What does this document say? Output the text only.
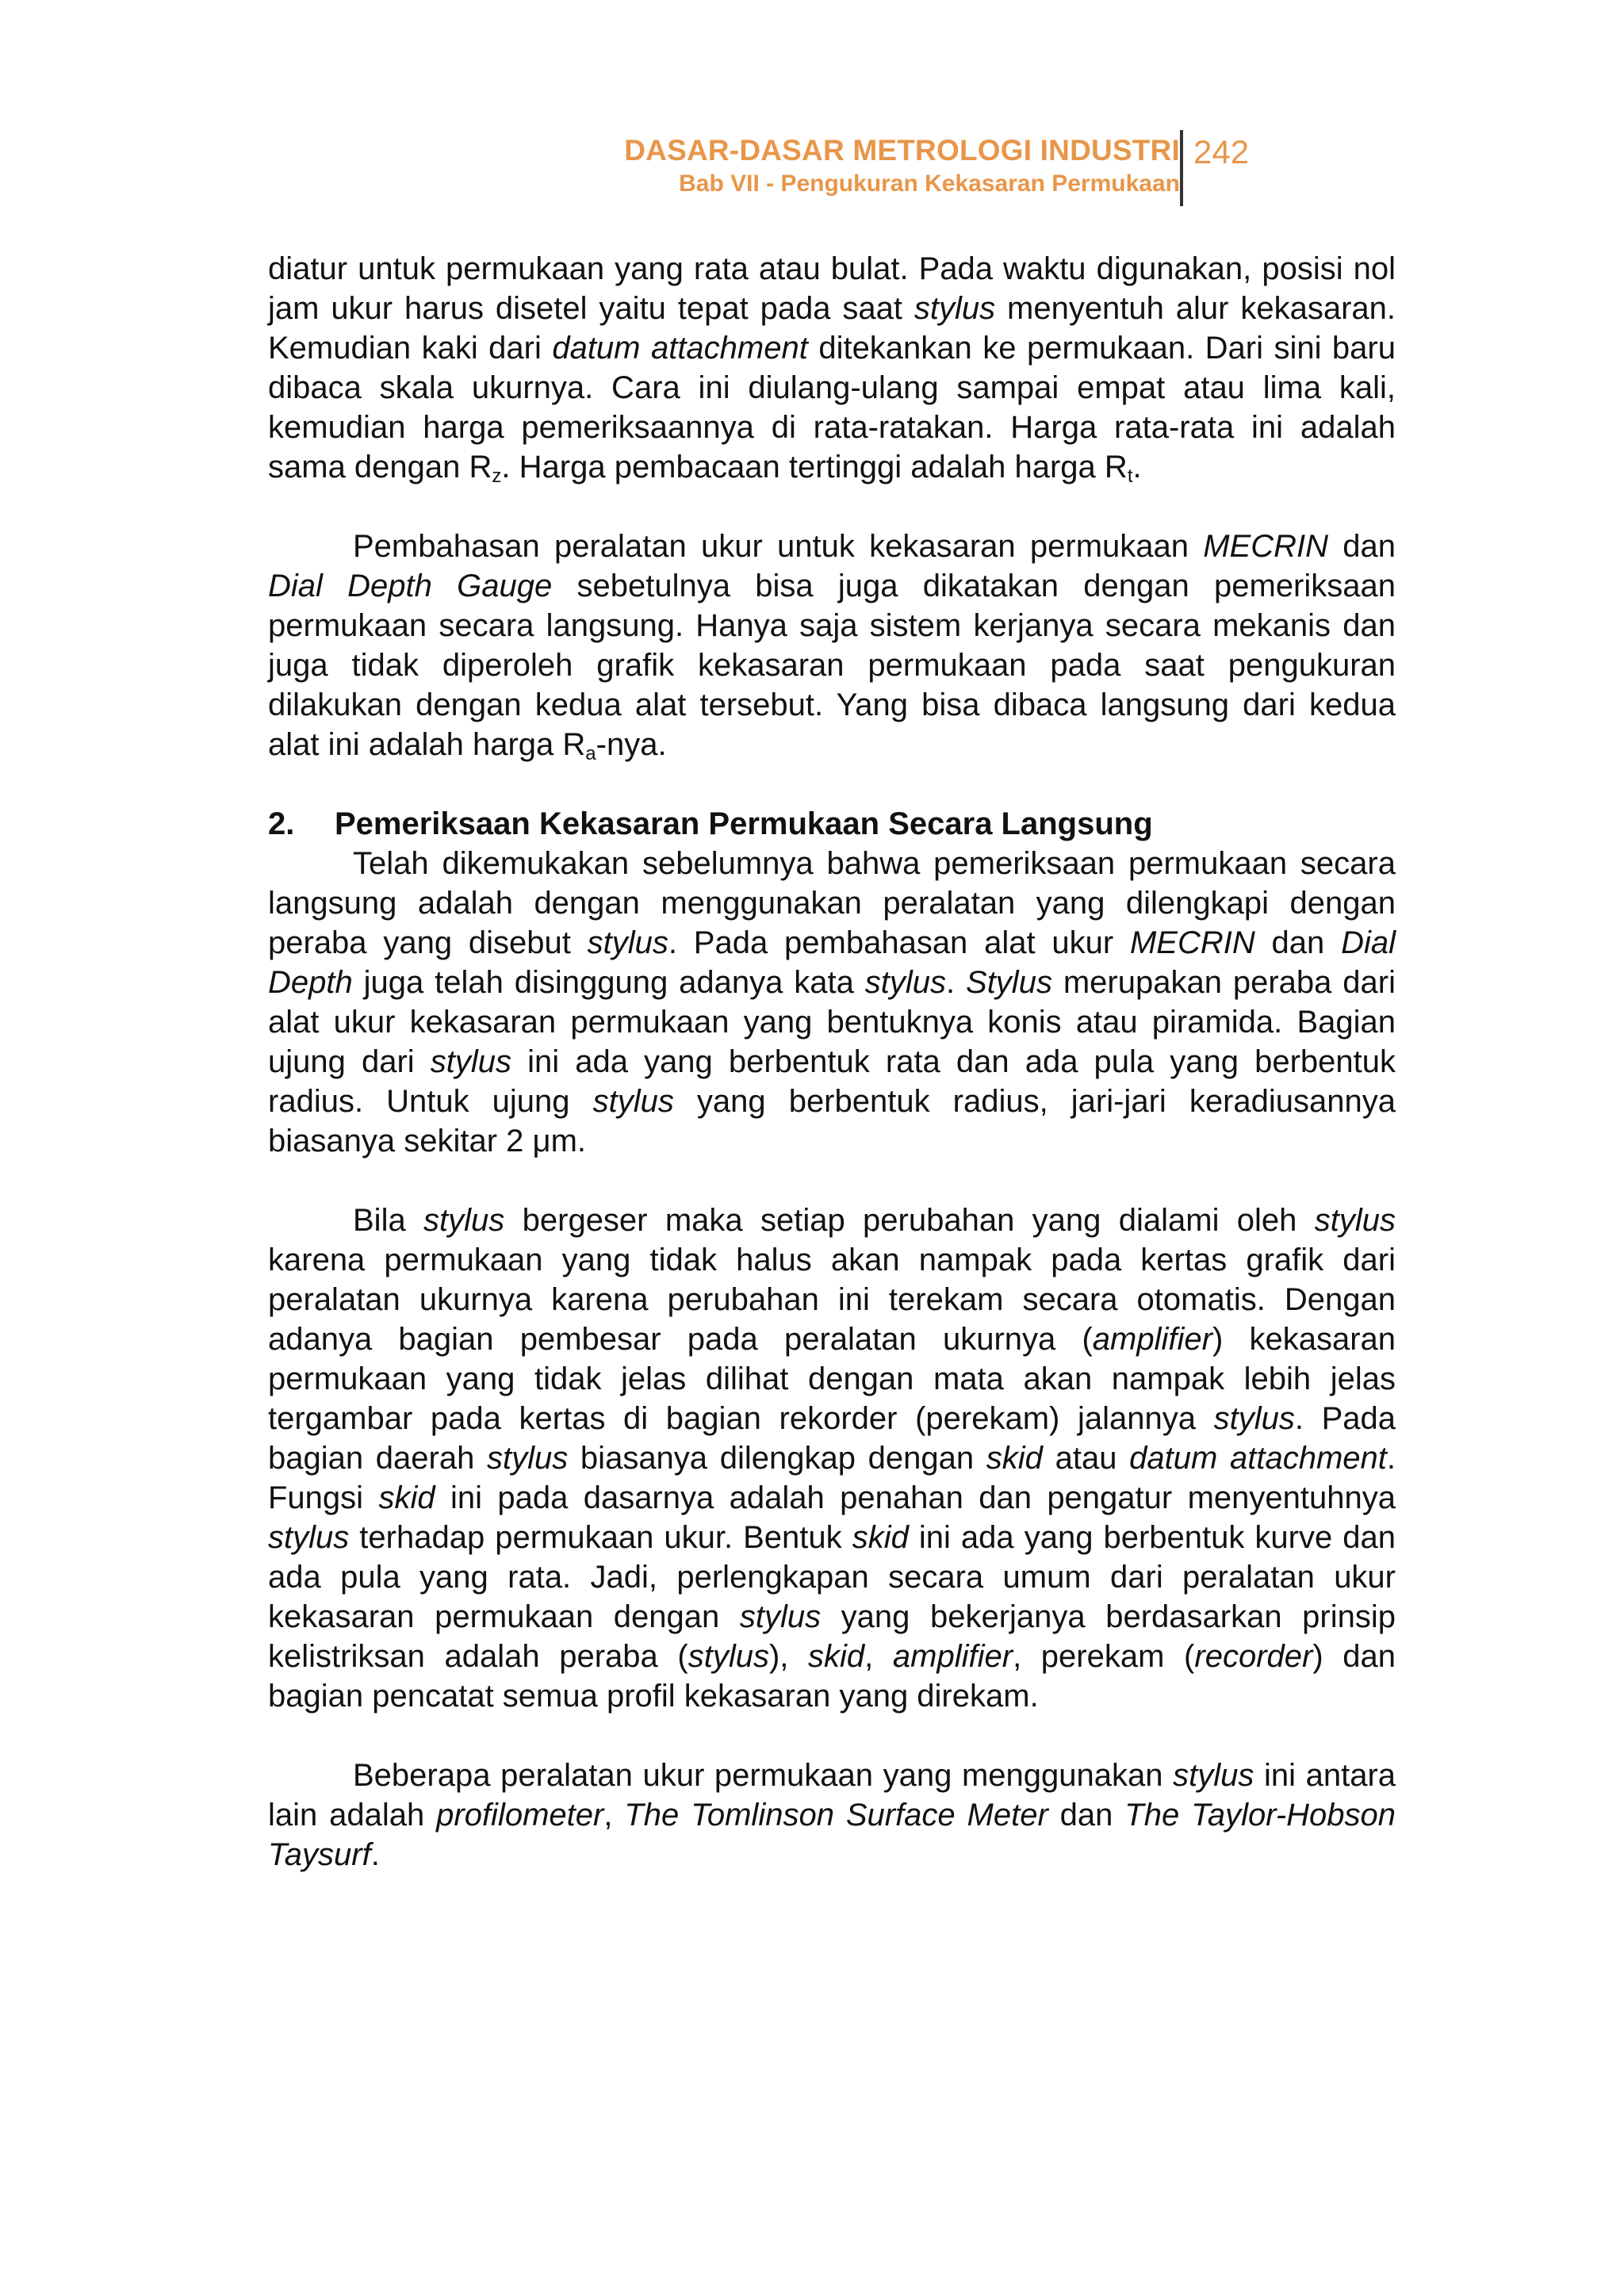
DASAR-DASAR METROLOGI INDUSTRI
Bab VII - Pengukuran Kekasaran Permukaan
242

diatur untuk permukaan yang rata atau bulat. Pada waktu digunakan, posisi nol jam ukur harus disetel yaitu tepat pada saat stylus menyentuh alur kekasaran. Kemudian kaki dari datum attachment ditekankan ke permukaan. Dari sini baru dibaca skala ukurnya. Cara ini diulang-ulang sampai empat atau lima kali, kemudian harga pemeriksaannya di rata-ratakan. Harga rata-rata ini adalah sama dengan $R_z$. Harga pembacaan tertinggi adalah harga $R_t$.

Pembahasan peralatan ukur untuk kekasaran permukaan MECRIN dan Dial Depth Gauge sebetulnya bisa juga dikatakan dengan pemeriksaan permukaan secara langsung. Hanya saja sistem kerjanya secara mekanis dan juga tidak diperoleh grafik kekasaran permukaan pada saat pengukuran dilakukan dengan kedua alat tersebut. Yang bisa dibaca langsung dari kedua alat ini adalah harga $R_a$-nya.

2. Pemeriksaan Kekasaran Permukaan Secara Langsung

Telah dikemukakan sebelumnya bahwa pemeriksaan permukaan secara langsung adalah dengan menggunakan peralatan yang dilengkapi dengan peraba yang disebut stylus. Pada pembahasan alat ukur MECRIN dan Dial Depth juga telah disinggung adanya kata stylus. Stylus merupakan peraba dari alat ukur kekasaran permukaan yang bentuknya konis atau piramida. Bagian ujung dari stylus ini ada yang berbentuk rata dan ada pula yang berbentuk radius. Untuk ujung stylus yang berbentuk radius, jari-jari keradiusannya biasanya sekitar 2 μm.

Bila stylus bergeser maka setiap perubahan yang dialami oleh stylus karena permukaan yang tidak halus akan nampak pada kertas grafik dari peralatan ukurnya karena perubahan ini terekam secara otomatis. Dengan adanya bagian pembesar pada peralatan ukurnya (amplifier) kekasaran permukaan yang tidak jelas dilihat dengan mata akan nampak lebih jelas tergambar pada kertas di bagian rekorder (perekam) jalannya stylus. Pada bagian daerah stylus biasanya dilengkap dengan skid atau datum attachment. Fungsi skid ini pada dasarnya adalah penahan dan pengatur menyentuhnya stylus terhadap permukaan ukur. Bentuk skid ini ada yang berbentuk kurve dan ada pula yang rata. Jadi, perlengkapan secara umum dari peralatan ukur kekasaran permukaan dengan stylus yang bekerjanya berdasarkan prinsip kelistriksan adalah peraba (stylus), skid, amplifier, perekam (recorder) dan bagian pencatat semua profil kekasaran yang direkam.

Beberapa peralatan ukur permukaan yang menggunakan stylus ini antara lain adalah profilometer, The Tomlinson Surface Meter dan The Taylor-Hobson Taysurf.
